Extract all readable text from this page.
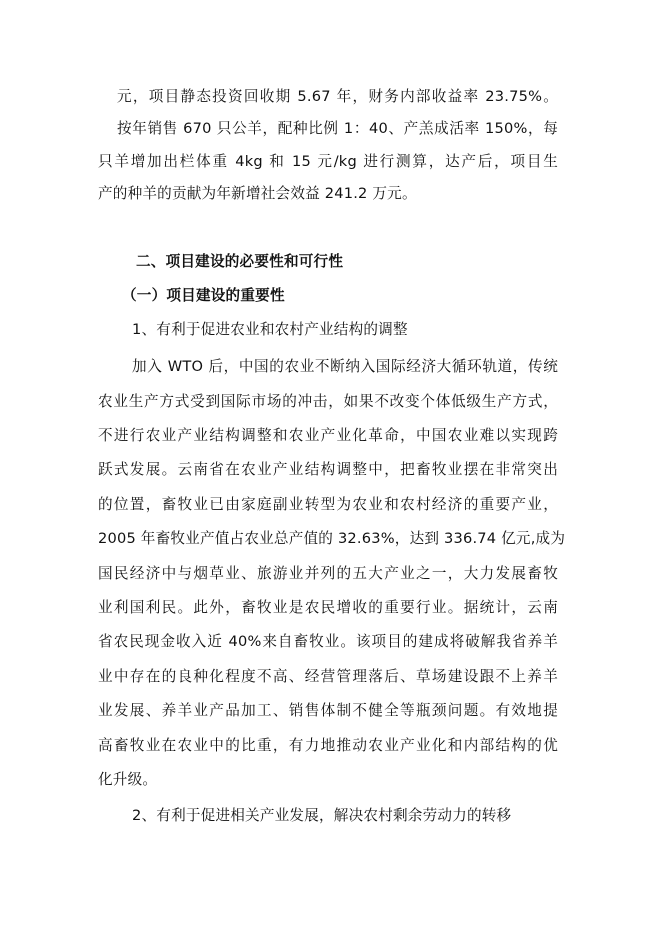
元，项目静态投资回收期 5.67 年，财务内部收益率 23.75%。
按年销售 670 只公羊，配种比例 1：40、产羔成活率 150%，每
只羊增加出栏体重 4kg 和 15 元/kg 进行测算，达产后，项目生
产的种羊的贡献为年新增社会效益 241.2 万元。
二、项目建设的必要性和可行性
（一）项目建设的重要性
1、有利于促进农业和农村产业结构的调整
加入 WTO 后，中国的农业不断纳入国际经济大循环轨道，传统
农业生产方式受到国际市场的冲击，如果不改变个体低级生产方式，
不进行农业产业结构调整和农业产业化革命，中国农业难以实现跨
跃式发展。云南省在农业产业结构调整中，把畜牧业摆在非常突出
的位置，畜牧业已由家庭副业转型为农业和农村经济的重要产业，
2005 年畜牧业产值占农业总产值的 32.63%，达到 336.74 亿元,成为
国民经济中与烟草业、旅游业并列的五大产业之一，大力发展畜牧
业利国利民。此外，畜牧业是农民增收的重要行业。据统计，云南
省农民现金收入近 40%来自畜牧业。该项目的建成将破解我省养羊
业中存在的良种化程度不高、经营管理落后、草场建设跟不上养羊
业发展、养羊业产品加工、销售体制不健全等瓶颈问题。有效地提
高畜牧业在农业中的比重，有力地推动农业产业化和内部结构的优
化升级。
2、有利于促进相关产业发展，解决农村剩余劳动力的转移
